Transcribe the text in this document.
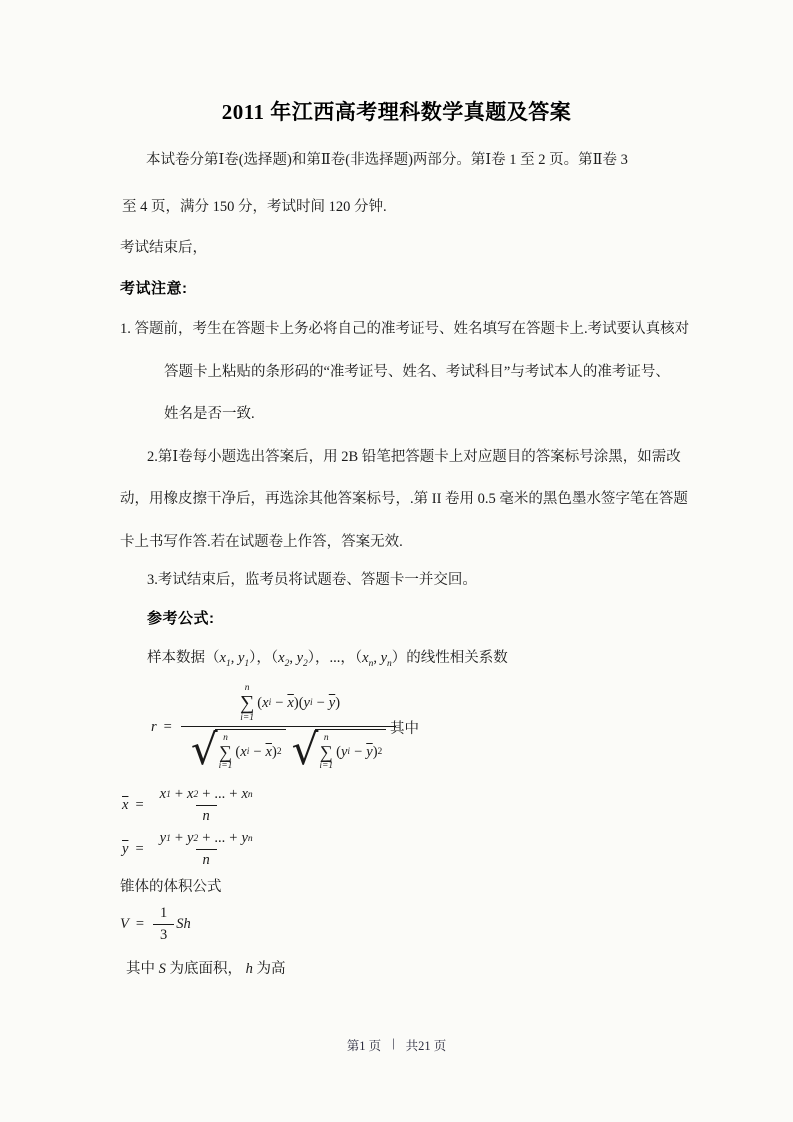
2011 年江西高考理科数学真题及答案
本试卷分第Ⅰ卷(选择题)和第Ⅱ卷(非选择题)两部分。第Ⅰ卷 1 至 2 页。第Ⅱ卷 3
至 4 页，满分 150 分，考试时间 120 分钟.
考试结束后，
考试注意:
1. 答题前，考生在答题卡上务必将自己的准考证号、姓名填写在答题卡上.考试要认真核对
答题卡上粘贴的条形码的“准考证号、姓名、考试科目”与考试本人的准考证号、
姓名是否一致.
2.第Ⅰ卷每小题选出答案后，用 2B 铅笔把答题卡上对应题目的答案标号涂黑，如需改
动，用橡皮擦干净后，再选涂其他答案标号，.第 II 卷用 0.5 毫米的黑色墨水签字笔在答题
卡上书写作答.若在试题卷上作答，答案无效.
3.考试结束后，监考员将试题卷、答题卡一并交回。
参考公式:
样本数据（$x_1$, $y_1$），（$x_2$, $y_2$），...，（$x_n$, $y_n$）的线性相关系数
r =
n
∑
i=1
( x $i - \overline{x}$ ) ( y $i - \overline{y}$ )
√ n
∑
i=1
( x $i - \overline{x}$ ) 2 √ n
∑
i=1
( y $i - \overline{y}$ ) 2
其中
$\overline{x} = \frac{\text{x 1 + x 2 + ... + x n}}{n}$
$\overline{y} = \frac{\text{y 1 + y 2 + ... + y n}}{n}$
锥体的体积公式
$V = \frac{1}{3}$ S h
其中 S 为底面积， h 为高
第1 页 | 共21 页
